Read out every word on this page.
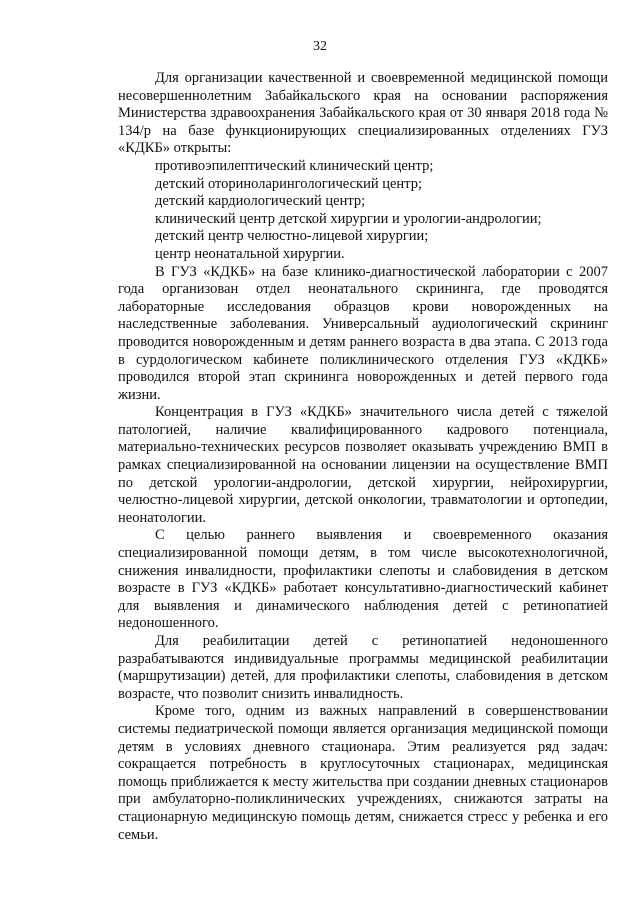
32

Для организации качественной и своевременной медицинской помощи несовершеннолетним Забайкальского края на основании распоряжения Министерства здравоохранения Забайкальского края от 30 января 2018 года № 134/р на базе функционирующих специализированных отделениях ГУЗ «КДКБ» открыты:

противоэпилептический клинический центр;
детский оториноларингологический центр;
детский кардиологический центр;
клинический центр детской хирургии и урологии-андрологии;
детский центр челюстно-лицевой хирургии;
центр неонатальной хирургии.

В ГУЗ «КДКБ» на базе клинико-диагностической лаборатории с 2007 года организован отдел неонатального скрининга, где проводятся лабораторные исследования образцов крови новорожденных на наследственные заболевания. Универсальный аудиологический скрининг проводится новорожденным и детям раннего возраста в два этапа. С 2013 года в сурдологическом кабинете поликлинического отделения ГУЗ «КДКБ» проводился второй этап скрининга новорожденных и детей первого года жизни.

Концентрация в ГУЗ «КДКБ» значительного числа детей с тяжелой патологией, наличие квалифицированного кадрового потенциала, материально-технических ресурсов позволяет оказывать учреждению ВМП в рамках специализированной на основании лицензии на осуществление ВМП по детской урологии-андрологии, детской хирургии, нейрохирургии, челюстно-лицевой хирургии, детской онкологии, травматологии и ортопедии, неонатологии.

С целью раннего выявления и своевременного оказания специализированной помощи детям, в том числе высокотехнологичной, снижения инвалидности, профилактики слепоты и слабовидения в детском возрасте в ГУЗ «КДКБ» работает консультативно-диагностический кабинет для выявления и динамического наблюдения детей с ретинопатией недоношенного.

Для реабилитации детей с ретинопатией недоношенного разрабатываются индивидуальные программы медицинской реабилитации (маршрутизации) детей, для профилактики слепоты, слабовидения в детском возрасте, что позволит снизить инвалидность.

Кроме того, одним из важных направлений в совершенствовании системы педиатрической помощи является организация медицинской помощи детям в условиях дневного стационара. Этим реализуется ряд задач: сокращается потребность в круглосуточных стационарах, медицинская помощь приближается к месту жительства при создании дневных стационаров при амбулаторно-поликлинических учреждениях, снижаются затраты на стационарную медицинскую помощь детям, снижается стресс у ребенка и его семьи.
